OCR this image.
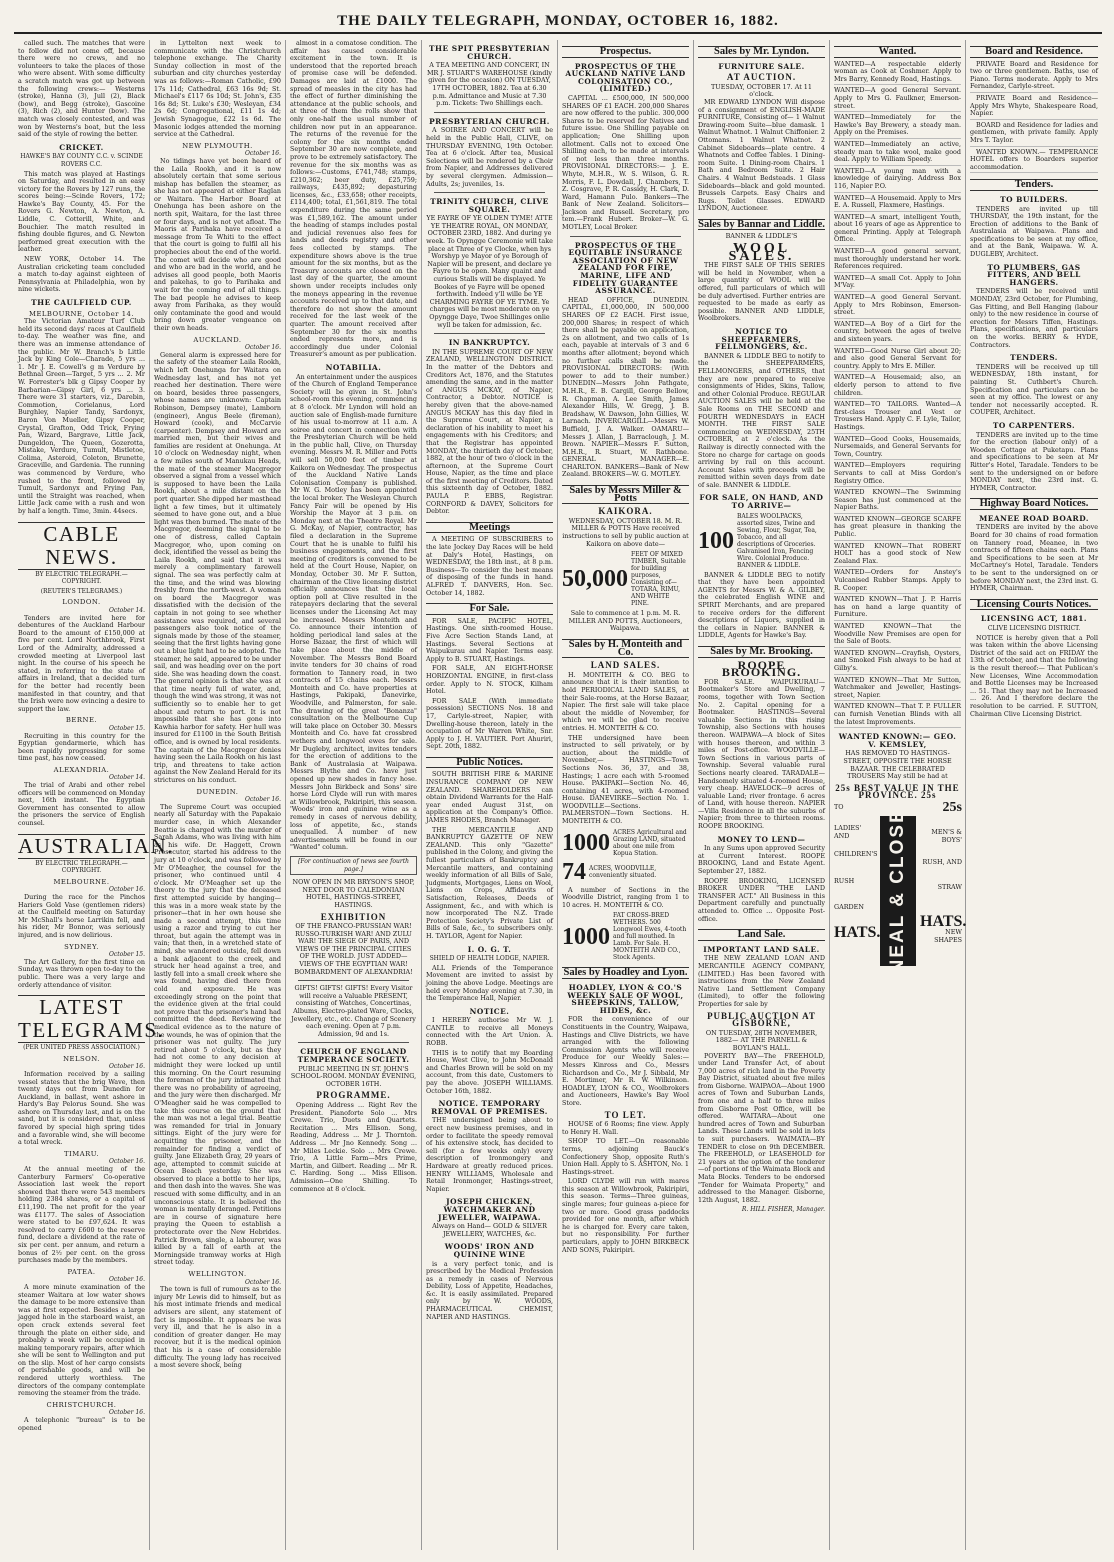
THE DAILY TELEGRAPH, MONDAY, OCTOBER 16, 1882.
called such. The matches that were to follow did not come off, because there were no crews, and no volunteers to take the places of those who were absent. With some difficulty a scratch match was got up between the following crews:— Westerns (stroke), Hanna (3), Jull (2), Black (bow), and Begg (stroke), Gascoine (3), Rich (2), and Hunter (bow). The match was closely contested, and was won by Westerns's boat, but the less said of the style of rowing the better.
CRICKET.
HAWKE'S BAY COUNTY C.C. v. SCINDE ROVERS C.C.
This match was played at Hastings on Saturday, and resulted in an easy victory for the Rovers by 127 runs, the scores being:—Scinde Rovers, 172; Hawke's Bay County, 45. For the Rovers G. Newton, A. Newton, A. Liddle, C. Cotterill, White, and Bouchier. The match resulted in fishing double figures, and G. Newton performed great execution with the leather.
NEW YORK, October 14. The Australian cricketing team concluded a match to-day against eighteen of Pennsylvania at Philadelphia, won by nine wickets.
THE CAULFIELD CUP.
MELBOURNE, October 14.
The Victorian Amateur Turf Club held its second days' races at Caulfield to-day. The weather was fine, and there was an immense attendance of the public. Mr W. Branch's b Little Jack by King Cole—Charade, 5 yrs ... 1. Mr J. E. Cowell's g m Verdure by Bethnal Green—Target, 5 yrs ... 2. Mr W. Forrester's blk g Gipsy Cooper by Barbarian—Gipsy Girl, 6 yrs ... 3. There were 31 starters, viz., Darebin, Commotion, Corielanus, Lord Burghley, Napier Tandy, Sardonyx, Baron Von Mueller, Gipsy Cooper, Crystal, Grafton, Odd Trick, Frying Pan, Wizard, Bargrave, Little Jack, Dungeldon, The Queen, Gozerotta, Mistake, Verdure, Tumult, Mistletoe, Colima, Asteroid, Coleton, Brunette, Graceville, and Gardenia. The running was commenced by Verdure, who rushed to the front, followed by Tumult, Sardonyx and Frying Pan, until the Straight was reached, when Little Jack came with a rush and won by half a length. Time, 3min. 44secs.
CABLE NEWS.
BY ELECTRIC TELEGRAPH.—COPYRIGHT.
(REUTER'S TELEGRAMS.)
LONDON.
October 14.
Tenders are invited here for debentures of the Auckland Harbour Board to the amount of £150,000 at five per cent. Lord Northbrook, First Lord of the Admiralty, addressed a crowded meeting at Liverpool last night. In the course of his speech he stated, in referring to the state of affairs in Ireland, that a decided turn for the better had recently been manifested in that country, and that the Irish were now evincing a desire to support the law.
BERNE.
October 15.
Recruiting in this country for the Egyptian gendarmerie, which has been rapidly progressing for some time past, has now ceased.
ALEXANDRIA.
October 14.
The trial of Arabi and other rebel officers will be commenced on Monday next, 16th instant. The Egyptian Government has consented to allow the prisoners the service of English counsel.
AUSTRALIAN.
BY ELECTRIC TELEGRAPH.—COPYRIGHT.
MELBOURNE.
October 16.
During the race for the Pinchos Hariers Gold Vase (gentlemen riders) at the Caulfield meeting on Saturday Mr McShall's horse Larrikin fell, and his rider, Mr Bonnor, was seriously injured, and is now delirious.
SYDNEY.
October 15.
The Art Gallery, for the first time on Sunday, was thrown open to-day to the public. There was a very large and orderly attendance of visitor.
LATEST TELEGRAMS.
(PER UNITED PRESS ASSOCIATION.)
NELSON.
October 16.
Information received by a sailing vessel states that the brig Wave, then twenty days out from Dunedin for Auckland, in ballast, went ashore in Hardy's Bay Pelorus Sound. She was ashore on Thursday last, and is on the sand, but it is considered that, unless favored by special high spring tides and a favorable wind, she will become a total wreck.
TIMARU.
October 16.
At the annual meeting of the Canterbury Farmers' Co-operative Association last week the report showed that there were 543 members holding 2384 shares, or a capital of £11,190. The net profit for the year was £1177. The sales of Association were stated to be £97,624. It was resolved to carry £600 to the reserve fund, declare a dividend at the rate of six per cent. per annum, and return a bonus of 2½ per cent. on the gross purchases made by the members.
PATEA.
October 16.
A more minute examination of the steamer Waitara at low water shows the damage to be more extensive than was at first expected. Besides a large jagged hole in the starboard waist, an open crack extends several feet through the plate on either side, and probably a week will be occupied in making temporary repairs, after which she will be sent to Wellington and put on the slip. Most of her cargo consists of perishable goods, and will be rendered utterly worthless. The directors of the company contemplate removing the steamer from the trade.
CHRISTCHURCH.
October 16.
A telephonic "bureau" is to be opened
in Lyttelton next week to communicate with the Christchurch telephone exchange. The Charity Sunday collection in most of the suburban and city churches yesterday was as follows:—Roman Catholic, £90 17s 11d; Cathedral, £63 16s 9d; St. Michael's £117 6s 10d; St. John's, £35 16s 8d; St. Luke's £30; Wesleyan, £34 2s 6d; Congregational, £11 1s 4d; Jewish Synagogue, £22 1s 6d. The Masonic lodges attended the morning service at the Cathedral.
NEW PLYMOUTH.
October 16.
No tidings have yet been heard of the Laila Rookh, and it is now absolutely certain that some serious mishap has befallen the steamer, as she has not appeared at either Raglan or Waitara. The Harbor Board at Onehunga has been ashore on the north spit, Waitara, for the last three or four days, and is not yet afloat. The Maoris at Parihaka have received a message from Te Whiti to the effect that the court is going to fulfil all his prophecies about the end of the world. The comet will decide who are good and who are bad in the world, and he advises all good people, both Maoris and pakehas, to go to Parihaka and wait for the coming end of all things. The bad people he advises to keep away from Parihaka, as they would only contaminate the good and would bring down greater vengeance on their own heads.
AUCKLAND.
October 16.
General alarm is expressed here for the safety of the steamer Laila Rookh, which left Onehunga for Waitara on Wednesday last, and has not yet reached her destination. There were on board, besides three passengers, whose names are unknown: Captain Robinson, Dempsey (mate), Lamborn (engineer), Angus Beele (fireman), Howard (cook), and McCarvie (carpenter). Dempsey and Howard are married men, but their wives and families are resident at Onehunga. At 10 o'clock on Wednesday night, when a few miles south of Manukau Heads, the mate of the steamer Macgregor observed a signal from a vessel which is supposed to have been the Laila Rookh, about a mile distant on the port quarter. She dipped her masthead light a few times, but it ultimately seemed to have gone out, and a blue light was then burned. The mate of the Macgregor, deeming the signal to be one of distress, called Captain Macgregor, who, upon coming on deck, identified the vessel as being the Laila Rookh, and said that it was merely a complimentary farewell signal. The sea was perfectly calm at the time, and the wind was blowing freshly from the north-west. A woman on board the Macgregor was dissatisfied with the decision of the captain in not going to see whether assistance was required, and several passengers also took notice of the signals made by those of the steamer, seeing that the first lights having gone out a blue light had to be adopted. The steamer, he said, appeared to be under sail, and was heading over on the port side. She was heading down the coast. The general opinion is that she was at that time nearly full of water, and, though the wind was strong, it was not sufficiently so to enable her to get about and return to port. It is not impossible that she has gone into Kawhia harbor for safety. Her hull was insured for £1100 in the South British office, and is owned by local residents. The captain of the Macgregor denies having seen the Laila Rookh on his last trip, and threatens to take action against the New Zealand Herald for its strictures on his conduct.
DUNEDIN.
October 16.
The Supreme Court was occupied nearly all Saturday with the Papakaio murder case, in which Alexander Beattie is charged with the murder of Sarah Adams, who was living with him as his wife. Dr. Haggett, Crown Prosecutor, started his address to the jury at 10 o'clock, and was followed by Mr O'Meagher, the counsel for the prisoner, who continued until 4 o'clock. Mr O'Meagher set up the theory to the jury that the deceased first attempted suicide by hanging—this was in a more weak state by the prisoner—that in her own house she made a second attempt, this time using a razor and trying to cut her throat, but again the attempt was in vain; that then, in a wretched state of mind, she wandered outside, fell down a bank adjacent to the creek, and struck her head against a tree, and lastly fell into a small creek where she was found, having died there from cold and exposure. He was exceedingly strong on the point that the evidence given at the trial could not prove that the prisoner's hand had committed the deed. Reviewing the medical evidence as to the nature of the wounds, he was of opinion that the prisoner was not guilty. The jury retired about 5 o'clock, but as they had not come to any decision at midnight they were locked up until this morning. On the Court resuming the foreman of the jury intimated that there was no probability of agreeing, and the jury were then discharged. Mr O'Meagher said he was compelled to take this course on the ground that the man was not a legal trial. Beattie was remanded for trial in Jonuary sittings. Eight of the jury were for acquitting the prisoner, and the remainder for finding a verdict of guilty. Jane Elizabeth Gray, 29 years of age, attempted to commit suicide at Ocean Beach yesterday. She was observed to place a bottle to her lips, and then dash into the waves. She was rescued with some difficulty, and in an unconscious state. It is believed the woman is mentally deranged. Petitions are in course of signature here praying the Queen to establish a protectorate over the New Hebrides. Patrick Brown, single, a labourer, was killed by a fall of earth at the Morningside tramway works at High street today.
WELLINGTON.
October 16.
The town is full of rumours as to the injury Mr Lewis did to himself, but as his most intimate friends and medical advisers are silent, any statement of fact is impossible. It appears he was very ill, and that he is also in a condition of greater danger. He may recover, but it is the medical opinion that his is a case of considerable difficulty. The young lady has received a most severe shock, being
almost in a comatose condition. The affair has caused considerable excitement in the town. It is understood that the reported breach of promise case will be defended. Damages are laid at £1000. The spread of measles in the city has had the effect of further diminishing the attendance at the public schools, and at three of them the rolls show that only one-half the usual number of children now put in an appearance. The returns of the revenue for the colony for the six months ended September 30 are now complete, and prove to be extremely satisfactory. The revenue for the six months was as follows:—Customs, £741,748; stamps, £210,362; beer duty, £25,759; railways, £435,892; depasturing licenses, &c., £33,658; other receipts, £114,400; total, £1,561,819. The total expenditure during the same period was £1,589,162. The amount under the heading of stamps includes postal and judicial revenues also fees for lands and deeds registry and other fees collected by stamps. The expenditure shows above is the true amount for the six months, but as the Treasury accounts are closed on the last day of the quarter, the amount shown under receipts includes only the moneys appearing in the revenue accounts received up to that date, and therefore do not show the amount received for the last week of the quarter. The amount received after September 30 for the six months ended represents more, and is accordingly due under Colonial Treasurer's amount as per publication.
NOTABILIA.
An entertainment under the auspices of the Church of England Temperance Society will be given in St. John's school-room this evening, commencing at 8 o'clock. Mr Lyndon will hold an auction sale of English-made furniture of his usual to-morrow at 11 a.m. A soiree and concert in connection with the Presbyterian Church will be held in the public hall, Clive, on Thursday evening. Messrs M. R. Miller and Potts will sell 50,000 feet of timber at Kaikora on Wednesday. The prospectus of the Auckland Native Lands Colonisation Company is published. Mr W. G. Motley has been appointed the local broker. The Wesleyan Church Fancy Fair will be opened by His Worship the Mayor at 3 p.m. on Monday next at the Theatre Royal. Mr G. McKay, of Napier, contractor, has filed a declaration in the Supreme Court that he is unable to fulfil his business engagements, and the first meeting of creditors is convened to be held at the Court House, Napier, on Monday, October 30. Mr F. Sutton, chairman of the Clive licensing district officially announces that the local option poll at Clive resulted in the ratepayers declaring that the several licenses under the Licensing Act may be increased. Messrs Monteith and Co. announce their intention of holding periodical land sales at the Horse Bazaar, the first of which will take place about the middle of November. The Messrs Bond Board invite tenders for 30 chains of road formation to Tannery road, in two contracts of 15 chains each. Messrs Monteith and Co. have properties at Hastings, Pakipaki, Danevirke, Woodville, and Palmerston, for sale. The drawing of the great "Bonanza" consultation on the Melbourne Cup will take place on October 30. Messrs Monteith and Co. have fat crossbred wethers and longwool ewes for sale. Mr Dugleby, architect, invites tenders for the erection of additions to the Bank of Australasia at Waipawa. Messrs Blythe and Co. have just opened up new shades in fancy hose. Messrs John Birkbeck and Sons' sire horse Lord Clyde will run with mares at Willowbrook, Pakiripiri, this season. 'Woods' iron and quinine wine as a remedy in cases of nervous debility, loss of appetite, &c., stands unequalled. A number of new advertisements will be found in our "Wanted" column.
[For continuation of news see fourth page.]
NOW OPEN IN MR BRYSON'S SHOP, NEXT DOOR TO CALEDONIAN HOTEL, HASTINGS-STREET, HASTINGS.
EXHIBITION
OF THE FRANCO-PRUSSIAN WAR! RUSSO-TURKISH WAR! AND ZULU WAR! THE SIEGE OF PARIS, AND VIEWS OF THE PRINCIPAL CITIES OF THE WORLD. JUST ADDED— VIEWS OF THE EGYPTIAN WAR! BOMBARDMENT OF ALEXANDRIA!
GIFTS! GIFTS! GIFTS! Every Visitor will receive a Valuable PRESENT, consisting of Watches, Concertinas, Albums, Electro-plated Ware, Clocks, Jewellery, etc., etc. Change of Scenery each evening. Open at 7 p.m. Admission, 9d and 1s.
CHURCH OF ENGLAND TEMPERANCE SOCIETY.
PUBLIC MEETING IN ST. JOHN'S SCHOOL-ROOM. MONDAY EVENING, OCTOBER 16TH.
PROGRAMME.
Opening Address ... Right Rev the President. Pianoforte Solo ... Mrs Crewe. Trio, Duets and Quartets. Recitation ... Mrs Ellison. Song, Reading, Address ... Mr J. Thornton. Address ... Mr Jno Kennedy. Song ... Mr Miles Leckie. Solo ... Mrs Crewe. Trio, A Little Farm—Mrs Prime, Martin, and Gilbert. Reading ... Mr R. C. Harding. Song ... Miss Ellison. Admission—One Shilling. To commence at 8 o'clock.
THE SPIT PRESBYTERIAN CHURCH.
A TEA MEETING AND CONCERT, IN MR J. STUART'S WAREHOUSE (kindly given for the occasion) ON TUESDAY, 17TH OCTOBER, 1882. Tea at 6.30 p.m. Admittance and Music at 7.30 p.m. Tickets: Two Shillings each.
PRESBYTERIAN CHURCH.
A SOIREE AND CONCERT will be held in the Public Hall, CLIVE, on THURSDAY EVENING, 19th October. Tea at 6 o'clock. After tea, Musical Selections will be rendered by a Choir from Napier, and Addresses delivered by several clergymen. Admission—Adults, 2s; juveniles, 1s.
TRINITY CHURCH, CLIVE SQUARE.
YE FAYRE OF YE OLDEN TYME! ATTE YE THEATRE ROYAL, ON MONDAY, OCTOBER 23RD, 1882. And during ye week. To Opyngge Ceremonie will take place at Three of ye Clocke, when hys Worshyp ye Mayor of ye Borough of Napier will be present, and declare ye Fayre to be open. Many quaint and curious Stalls will be displayed. Ye Bookes of ye Fayre will be opened forthwith. Indeed y'll wille be YE CHARMING FAYRE OF YE TYME. Ye charges will be most moderate on ye Opyngge Daye, Twoe Shillinges onlie wyll be taken for admission, &c.
IN BANKRUPTCY.
IN THE SUPREME COURT OF NEW ZEALAND, WELLINGTON DISTRICT. In the matter of the Debtors and Creditors Act, 1876, and the Statutes amending the same, and in the matter of ANGUS MCKAY, of Napier, Contractor, a Debtor. NOTICE is hereby given that the above-named ANGUS MCKAY has this day filed in the Supreme Court, at Napier, a declaration of his inability to meet his engagements with his Creditors; and that the Registrar has appointed MONDAY, the thirtieth day of October, 1882, at the hour of two o'clock in the afternoon, at the Supreme Court House, Napier, as the time and place of the first meeting of Creditors. Dated this sixteenth day of October, 1882. PAULA P. EBBS, Registrar. CORNFORD & DAVEY, Solicitors for Debtor.
Meetings
A MEETING OF SUBSCRIBERS to the late Jockey Day Races will be held at Daly's Hotel, Hastings, on WEDNESDAY, the 18th inst., at 8 p.m. Business—To consider the best means of disposing of the funds in hand. ALFRED T. DANVERS, Hon. Sec. October 14, 1882.
For Sale.
FOR SALE, PACIFIC HOTEL, Hastings. One sixth-roomed House. Five Acre Section Stands Land, at Hastings. Several Sections at Waipukurau and Napier. Terms easy. Apply to B. STUART, Hastings.
FOR SALE, AN EIGHT-HORSE HORIZONTAL ENGINE, in first-class order. Apply to N. STOCK, Kilham Hotel.
FOR SALE (With immediate possession) SECTIONS Nos. 18 and 17, Carlyle-street, Napier, with Dwelling-house thereon, lately in the occupation of Mr Warren White, Snr. Apply to J. H. VAUTIER. Port Ahuriri, Sept. 20th, 1882.
Public Notices.
SOUTH BRITISH FIRE & MARINE INSURANCE COMPANY OF NEW ZEALAND. SHAREHOLDERS can obtain Dividend Warrants for the Half-year ended August 31st, on application at the Company's Office. JAMES RHODES, Branch Manager.
THE MERCANTILE AND BANKRUPTCY GAZETTE OF NEW ZEALAND. This only "Gazette" published in the Colony, and giving the fullest particulars of Bankruptcy and Mercantile matters, and containing weekly information of all Bills of Sale, Judgments, Mortgages, Liens on Wool, Liens on Crops, Affidavits of Satisfaction, Releases, Deeds of Assignment, &c., and with which is now incorporated The N.Z. Trade Protection Society's Private List of Bills of Sale, &c., to subscribers only. H. TAYLOR, Agent for Napier.
I. O. G. T.
SHIELD OF HEALTH LODGE, NAPIER.
ALL Friends of the Temperance Movement are invited to assist by joining the above Lodge. Meetings are held every Monday evening at 7.30, in the Temperance Hall, Napier.
NOTICE.
I HEREBY authorise Mr W. J. CANTLE to receive all Moneys connected with the Art Union. A. ROBB.
THIS is to notify that my Boarding House, West Clive, to John McDonald and Charles Brown will be sold on my account, from this date, Customers to pay the above. JOSEPH WILLIAMS. October 16th, 1882.
NOTICE. TEMPORARY REMOVAL OF PREMISES.
THE undersigned being about to erect new business premises, and in order to facilitate the speedy removal of his extensive stock, has decided to sell (for a few weeks only) every description of Ironmongery and Hardware at greatly reduced prices. HENRY WILLIAMS, Wholesale and Retail Ironmonger, Hastings-street, Napier.
JOSEPH CHICKEN, WATCHMAKER AND JEWELLER, WAIPAWA.
Always on Hand— GOLD & SILVER JEWELLERY, WATCHES, &c.
WOODS' IRON AND QUININE WINE
is a very perfect tonic, and is prescribed by the Medical Profession as a remedy in cases of Nervous Debility, Loss of Appetite, Headaches, &c. It is easily assimilated. Prepared only by W. WOODS, PHARMACEUTICAL CHEMIST, NAPIER AND HASTINGS.
Prospectus.
PROSPECTUS OF THE AUCKLAND NATIVE LAND COLONISATION CO., (LIMITED.)
CAPITAL ... £500,000, IN 500,000 SHARES OF £1 EACH. 200,000 Shares are now offered to the public. 300,000 Shares to be reserved for Natives and future issue. One Shilling payable on application; One Shilling upon allotment. Calls not to exceed One Shilling each, to be made at intervals of not less than three months. PROVISIONAL DIRECTORS:— J. E. Whyte, M.H.R., W. S. Wilson, G. R. Morris, F. L. Dowdall, J. Chambers, T. Z. Cosgrave, P. R. Cassidy, H. Clark, D. Ward, Hamann Pulo. Bankers—The Bank of New Zealand. Solicitors—Jackson and Russell. Secretary, pro tem.—Frank Hubert. Broker—W. G. MOTLEY, Local Broker.
PROSPECTUS OF THE EQUITABLE INSURANCE ASSOCIATION OF NEW ZEALAND FOR FIRE, MARINE, LIFE AND FIDELITY GUARANTEE ASSURANCE.
HEAD OFFICE, DUNEDIN. CAPITAL, £1,000,000, IN 500,000 SHARES OF £2 EACH. First issue, 200,000 Shares; in respect of which there shall be payable on application, 2s on allotment, and two calls of 1s each, payable at intervals of 3 and 6 months after allotment; beyond which no further calls shall be made. PROVISIONAL DIRECTORS: (With power to add to their number.) DUNEDIN—Messrs John Pathgate, M.H.R., E. B. Cargill, George Bellow, R. Chapman, A. Lee Smith, James Alexander Hills, W. Gregg, J. B. Bradshaw, W. Dawson, John Gillies, W. Larnach. INVERCARGILL—Messrs W. Buffield, J. A. Walker. OAMARU—Messrs J. Allan, J. Barraclough, J. M. Brown. NAPIER—Messrs F. Sutton, M.H.R., R. Stuart, W. Rathbone. GENERAL MANAGER—E. CHARLTON. BANKERS—Bank of New Zealand. BROKERS—W. G. MOTLEY.
Sales by Messrs Miller & Potts
KAIKORA.
WEDNESDAY, OCTOBER 18. M. R. MILLER & POTTS Have received instructions to sell by public auction at Kaikora on above date—
50,000
FEET OF MIXED TIMBER, Suitable for building purposes, Consisting of— TOTARA, RIMU, AND WHITE PINE.
Sale to commence at 1 p.m. M. R. MILLER AND POTTS, Auctioneers, Waipawa.
Sales by H. Monteith and Co.
LAND SALES.
H. MONTEITH & CO. BEG to announce that it is their intention to hold PERIODICAL LAND SALES, at their Sale-rooms, at the Horse Bazaar, Napier. The first sale will take place about the middle of November, for which we will be glad to receive entries. H. MONTEITH & CO.
THE undersigned have been instructed to sell privately, or by auction, about the middle of November,— HASTINGS—Town Sections Nos. 36, 37, and 38, Hastings; 1 acre each with 5-roomed House. PAKIPAKI—Section No. 46, containing 41 acres, with 4-roomed House. DANEVIRKE—Section No. 1. WOODVILLE—Sections. PALMERSTON—Town Sections. H. MONTEITH & CO.
1000 ACRES Agricultural and Grazing LAND, situated about one mile from Kopua Station.
74 ACRES, WOODVILLE, conveniently situated.
A number of Sections in the Woodville District, ranging from 1 to 10 acres. H. MONTEITH & CO.
1000
FAT CROSS-BRED WETHERS. 500 Longwool Ewes, 4-tooth and full mouthed. In Lamb. For Sale. H. MONTEITH AND CO., Stock Agents.
Sales by Hoadley and Lyon.
HOADLEY, LYON & CO.'S WEEKLY SALE OF WOOL, SHEEPSKINS, TALLOW, HIDES, &c.
FOR the convenience of our Constituents in the Country, Waipawa, Hastings and Clive Districts, we have arranged with the following Commission Agents who will receive Produce for our Weekly Sales:— Messrs Kinross and Co., Messrs Richardson and Co., Mr J. Sibbald, Mr E. Mortimer, Mr R. W. Wilkinson. HOADLEY, LYON & CO., Woolbrokers and Auctioneers, Hawke's Bay Wool Store.
TO LET.
HOUSE of 6 Rooms; fine view. Apply to Henry H. Wall.
SHOP TO LET.—On reasonable terms, adjoining Bauck's Confectionery Shop, opposite Ruth's Union Hall. Apply to S. ASHTON, No. 1 Hastings-street.
LORD CLYDE will run with mares this season at Willowbrook, Pakiripiri, this season. Terms—Three guineas, single mares; four guineas a-piece for two or more. Good grass paddocks provided for one month, after which he is charged for. Every care taken, but no responsibility. For further particulars, apply to JOHN BIRKBECK AND SONS, Pakiripiri.
Sales by Mr. Lyndon.
FURNITURE SALE.
AT AUCTION.
TUESDAY, OCTOBER 17. At 11 o'clock.
MR EDWARD LYNDON Will dispose of a consignment of ENGLISH-MADE FURNITURE, Consisting of— 1 Walnut Drawing-room Suite—blue damask. 1 Walnut Whatnot. 1 Walnut Chiffonier. 2 Ottomans. 1 Walnut Whatnot. 2 Cabinet Sideboards—plate centre. 4 Whatnots and Coffee Tables. 1 Dining-room Suite. 1 Dining-room Chairs. 1 Bath and Bedroom Suite. 2 Hair Chairs. 4 Walnut Bedsteads. 1 Glass Sideboards—black and gold mounted. Brussels Carpets. Easy Chairs and Rugs. Toilet Glasses. EDWARD LYNDON, Auctioneer.
Sales by Bannar and Liddle.
BANNER & LIDDLE'S
WOOL SALES.
THE FIRST SALE OF THIS SERIES will be held in November, when a large quantity of WOOL will be offered, full particulars of which will be duly advertised. Further entries are requested to be made as early as possible. BANNER AND LIDDLE, Woolbrokers.
NOTICE TO SHEEPFARMERS, FELLMONGERS, &c.
BANNER & LIDDLE BEG to notify to the SHEEPFARMERS, FELLMONGERS, and OTHERS, that they are now prepared to receive consignments of Hides, Skins, Tallow, and other Colonial Produce. REGULAR AUCTION SALES will be held at the Sale Rooms on THE SECOND and FOURTH WEDNESDAYS in EACH MONTH. THE FIRST SALE commencing on WEDNESDAY, 25TH OCTOBER, at 2 o'clock. As the Railway is directly connected with the Store no charge for cartage on goods arriving by rail on this account. Account Sales with proceeds will be remitted within seven days from date of sale. BANNER & LIDDLE.
FOR SALE, ON HAND, AND TO ARRIVE—
100
BALES WOOLPACKS, assorted sizes, Twine and Sewing, Flour, Sugar, Tea, Tobacco, and all descriptions of Groceries. Galvanised Iron, Fencing Wire. Colonial Produce. BANNER & LIDDLE.
BANNER & LIDDLE BEG to notify that they have been appointed AGENTS for Messrs W. & A. GILBEY, the celebrated English WINE and SPIRIT Merchants, and are prepared to receive orders for the different descriptions of Liquors, supplied in the cellars in Napier. BANNER & LIDDLE, Agents for Hawke's Bay.
Sales by Mr. Brooking.
ROOPE BROOKING.
FOR SALE. WAIPUKURAU—Bootmaker's Store and Dwelling, 7 rooms, together with Town Section No. 2. Capital opening for a Bootmaker. HASTINGS—Several valuable Sections in this rising Township, also Sections with houses thereon. WAIPAWA—A block of Sites with houses thereon, and within 3 miles of Post-office. WOODVILLE—Town Sections in various parts of Township. Several valuable rural Sections nearly cleared. TARADALE—Handsomely situated 4-roomed House, very cheap. HAVELOCK—9 acres of valuable Land; river frontage. 6 acres of Land, with house thereon. NAPIER—Villa Residence in all the suburbs of Napier; from three to thirteen rooms. ROOPE BROOKING.
MONEY TO LEND—
In any Sums upon approved Security at Current Interest. ROOPE BROOKING, Land and Estate Agent. September 27, 1882.
ROOPE BROOKING, LICENSED BROKER UNDER "THE LAND TRANSFER ACT." All Business in this Department carefully and punctually attended to. Office ... Opposite Post-office.
Land Sale.
IMPORTANT LAND SALE.
THE NEW ZEALAND LOAN AND MERCANTILE AGENCY COMPANY, (LIMITED.) Has been favored with instructions from the New Zealand Native Land Settlement Company (Limited), to offer the following Properties for sale by
PUBLIC AUCTION AT GISBORNE,
ON TUESDAY, 28TH NOVEMBER, 1882— AT THE PARNELL & BOYLAN'S HALL.
POVERTY BAY—The FREEHOLD, under Land Transfer Act, of about 7,000 acres of rich land in the Poverty Bay District, situated about five miles from Gisborne. WAIPAOA—About 1900 acres of Town and Suburban Lands, from one and a half to three miles from Gisborne Post Office, will be offered. WAITARA—About one hundred acres of Town and Suburban Lands. These Lands will be sold in lots to suit purchasers. WAIMATA—BY TENDER to close on 9th DECEMBER. The FREEHOLD, or LEASEHOLD for 21 years at the option of the tenderer—of portions of the Waimata Block and Mata Blocks. Tenders to be endorsed "Tender for Waimata Property," and addressed to the Manager. Gisborne, 12th August, 1882.
R. HILL FISHER, Manager.
Wanted.
WANTED—A respectable elderly woman as Cook at Coshmer. Apply to Mrs Barry, Kennedy Road, Hastings.
WANTED—A good General Servant. Apply to Mrs G. Faulkner, Emerson-street.
WANTED—Immediately for the Hawke's Bay Brewery, a steady man. Apply on the Premises.
WANTED—Immediately an active, steady man to take wool, make good deal. Apply to William Speedy.
WANTED—A young man with a knowledge of dairying. Address Box 116, Napier P.O.
WANTED—A Housemaid. Apply to Mrs E. A. Russell, Flaxmere, Hastings.
WANTED—A smart, intelligent Youth, about 16 years of age as Apprentice to general Printing. Apply at Telegraph Office.
WANTED—A good general servant, must thoroughly understand her work. References required.
WANTED—A small Cot. Apply to John M'Vay.
WANTED—A good General Servant. Apply to Mrs Robinson, Emerson-street.
WANTED—A Boy of a Girl for the country, between the ages of twelve and sixteen years.
WANTED—Good Nurse Girl about 20; and also good General Servant for country. Apply to Mrs E. Miller.
WANTED—A Housemaid; also, an elderly person to attend to five children.
WANTED—TO TAILORS. Wanted—A first-class Trouser and Vest or Trousers Hand. Apply C. F. Lyle, Tailor, Hastings.
WANTED—Good Cooks, Housemaids, Nursemaids, and General Servants for Town, Country.
WANTED—Employers requiring Servants to call at Miss Gordon's Registry Office.
WANTED KNOWN—The Swimming Season has just commenced at the Napier Baths.
WANTED KNOWN—GEORGE SCARFE has great pleasure in thanking the Public.
WANTED KNOWN—That ROBERT HOLT has a good stock of New Zealand Flax.
WANTED—Orders for Anstey's Vulcanised Rubber Stamps. Apply to R. Cooper.
WANTED KNOWN—That J. P. Harris has on hand a large quantity of Furniture.
WANTED KNOWN—That the Woodville New Premises are open for the Sale of Boots.
WANTED KNOWN—Crayfish, Oysters, and Smoked Fish always to be had at Gilby's.
WANTED KNOWN—That Mr Sutton, Watchmaker and Jeweller, Hastings-street, Napier.
WANTED KNOWN—That T. P. FULLER can furnish Venetian Blinds with all the latest Improvements.
WANTED KNOWN:— GEO. V. KEMSLEY,
HAS REMOVED TO HASTINGS-STREET, OPPOSITE THE HORSE BAZAAR. THE CELEBRATED TROUSERS May still be had at
25s BEST VALUE IN THE PROVINCE. 25s
TO
LADIES'
AND
CHILDREN'S
RUSH
GARDEN
HATS. NEAL & CLOSE
25s
MEN'S & BOYS'
RUSH, AND
STRAW
HATS.
NEW SHAPES
Board and Residence.
PRIVATE Board and Residence for two or three gentlemen. Baths, use of Piano. Terms moderate. Apply to Mrs Fernandez, Carlyle-street.
PRIVATE Board and Residence—Apply Mrs Whyte, Shakespeare Road, Napier.
BOARD and Residence for ladies and gentlemen, with private family. Apply Mrs T. Taylor.
WANTED KNOWN.— TEMPERANCE HOTEL offers to Boarders superior accommodation.
Tenders.
TO BUILDERS.
TENDERS are invited up till THURSDAY, the 19th instant, for the Erection of additions to the Bank of Australasia at Waipawa. Plans and specifications to be seen at my office, and at the Bank, Waipawa. W. A. DUGLEBY, Architect.
TO PLUMBERS, GAS FITTERS, AND BELL HANGERS.
TENDERS will be received until MONDAY, 23rd October, for Plumbing, Gas Fitting, and Bell Hanging (labour only) to the new residence in course of erection for Messrs Tiffen, Hastings. Plans, specifications, and particulars on the works. BERRY & HYDE, Contractors.
TENDERS.
TENDERS will be received up till WEDNESDAY, 18th instant, for painting St. Cuthbert's Church. Specification and particulars can be seen at my office. The lowest or any tender not necessarily accepted. R. COUPER, Architect.
TO CARPENTERS.
TENDERS are invited up to the time for the erection (labour only) of a Wooden Cottage at Puketapu. Plans and specifications to be seen at Mr Ritter's Hotel, Taradale. Tenders to be sent to the undersigned on or before MONDAY next, the 23rd inst. G. HYMER, Contractor.
Highway Board Notices.
MEANEE ROAD BOARD.
TENDERS are invited by the above Board for 30 chains of road formation on Tannery road, Meanee, in two contracts of fifteen chains each. Plans and Specifications to be seen at Mr McCartney's Hotel, Taradale. Tenders to be sent to the undersigned on or before MONDAY next, the 23rd inst. G. HYMER, Chairman.
Licensing Courts Notices.
LICENSING ACT, 1881.
CLIVE LICENSING DISTRICT.
NOTICE is hereby given that a Poll was taken within the above Licensing District of the said act on FRIDAY the 13th of October, and that the following is the result thereof:— That Publican's New Licenses, Wine Accommodation and Bottle Licenses may be Increased ... 51. That they may not be Increased ... 26. And I therefore declare the resolution to be carried. F. SUTTON, Chairman Clive Licensing District.
